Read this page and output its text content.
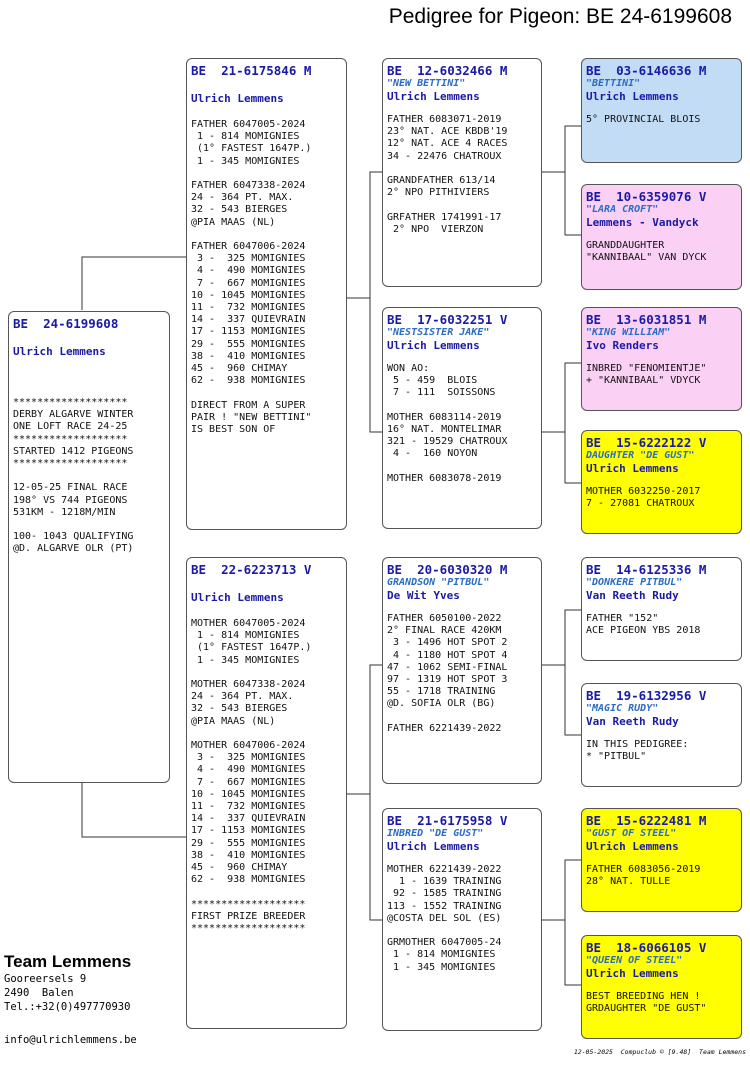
Pedigree for Pigeon: BE 24-6199608
BE  24-6199608
Ulrich Lemmens
*******************
DERBY ALGARVE WINTER
ONE LOFT RACE 24-25
*******************
STARTED 1412 PIGEONS
*******************

12-05-25 FINAL RACE
198° VS 744 PIGEONS
531KM - 1218M/MIN

100- 1043 QUALIFYING
@D. ALGARVE OLR (PT)
BE  21-6175846 M
Ulrich Lemmens
FATHER 6047005-2024
1 - 814 MOMIGNIES
(1° FASTEST 1647P.)
1 - 345 MOMIGNIES

FATHER 6047338-2024
24 - 364 PT. MAX.
32 - 543 BIERGES
@PIA MAAS (NL)

FATHER 6047006-2024
3 -  325 MOMIGNIES
4 -  490 MOMIGNIES
7 -  667 MOMIGNIES
10 - 1045 MOMIGNIES
11 -  732 MOMIGNIES
14 -  337 QUIEVRAIN
17 - 1153 MOMIGNIES
29 -  555 MOMIGNIES
38 -  410 MOMIGNIES
45 -  960 CHIMAY
62 -  938 MOMIGNIES

DIRECT FROM A SUPER
PAIR ! "NEW BETTINI"
IS BEST SON OF
BE  22-6223713 V
Ulrich Lemmens
MOTHER 6047005-2024
1 - 814 MOMIGNIES
(1° FASTEST 1647P.)
1 - 345 MOMIGNIES

MOTHER 6047338-2024
24 - 364 PT. MAX.
32 - 543 BIERGES
@PIA MAAS (NL)

MOTHER 6047006-2024
3 -  325 MOMIGNIES
4 -  490 MOMIGNIES
7 -  667 MOMIGNIES
10 - 1045 MOMIGNIES
11 -  732 MOMIGNIES
14 -  337 QUIEVRAIN
17 - 1153 MOMIGNIES
29 -  555 MOMIGNIES
38 -  410 MOMIGNIES
45 -  960 CHIMAY
62 -  938 MOMIGNIES

*******************
FIRST PRIZE BREEDER
*******************
BE  12-6032466 M
"NEW BETTINI"
Ulrich Lemmens
FATHER 6083071-2019
23° NAT. ACE KBDB'19
12° NAT. ACE 4 RACES
34 - 22476 CHATROUX

GRANDFATHER 613/14
2° NPO PITHIVIERS

GRFATHER 1741991-17
2° NPO  VIERZON
BE  17-6032251 V
"NESTSISTER JAKE"
Ulrich Lemmens
WON AO:
5 - 459  BLOIS
7 - 111  SOISSONS

MOTHER 6083114-2019
16° NAT. MONTELIMAR
321 - 19529 CHATROUX
4 -  160 NOYON

MOTHER 6083078-2019
BE  20-6030320 M
GRANDSON "PITBUL"
De Wit Yves
FATHER 6050100-2022
2° FINAL RACE 420KM
3 - 1496 HOT SPOT 2
4 - 1180 HOT SPOT 4
47 - 1062 SEMI-FINAL
97 - 1319 HOT SPOT 3
55 - 1718 TRAINING
@D. SOFIA OLR (BG)

FATHER 6221439-2022
BE  21-6175958 V
INBRED "DE GUST"
Ulrich Lemmens
MOTHER 6221439-2022
1 - 1639 TRAINING
92 - 1585 TRAINING
113 - 1552 TRAINING
@COSTA DEL SOL (ES)

GRMOTHER 6047005-24
1 - 814 MOMIGNIES
1 - 345 MOMIGNIES
BE  03-6146636 M
"BETTINI"
Ulrich Lemmens
5° PROVINCIAL BLOIS
BE  10-6359076 V
"LARA CROFT"
Lemmens - Vandyck
GRANDDAUGHTER
"KANNIBAAL" VAN DYCK
BE  13-6031851 M
"KING WILLIAM"
Ivo Renders
INBRED "FENOMIENTJE"
+ "KANNIBAAL" VDYCK
BE  15-6222122 V
DAUGHTER "DE GUST"
Ulrich Lemmens
MOTHER 6032250-2017
7 - 27081 CHATROUX
BE  14-6125336 M
"DONKERE PITBUL"
Van Reeth Rudy
FATHER "152"
ACE PIGEON YBS 2018
BE  19-6132956 V
"MAGIC RUDY"
Van Reeth Rudy
IN THIS PEDIGREE:
* "PITBUL"
BE  15-6222481 M
"GUST OF STEEL"
Ulrich Lemmens
FATHER 6083056-2019
28° NAT. TULLE
BE  18-6066105 V
"QUEEN OF STEEL"
Ulrich Lemmens
BEST BREEDING HEN !
GRDAUGHTER "DE GUST"
Team Lemmens
Gooreersels 9
2490  Balen
Tel.:+32(0)497770930
info@ulrichlemmens.be
12-05-2025  Compuclub © [9.48]  Team Lemmens
